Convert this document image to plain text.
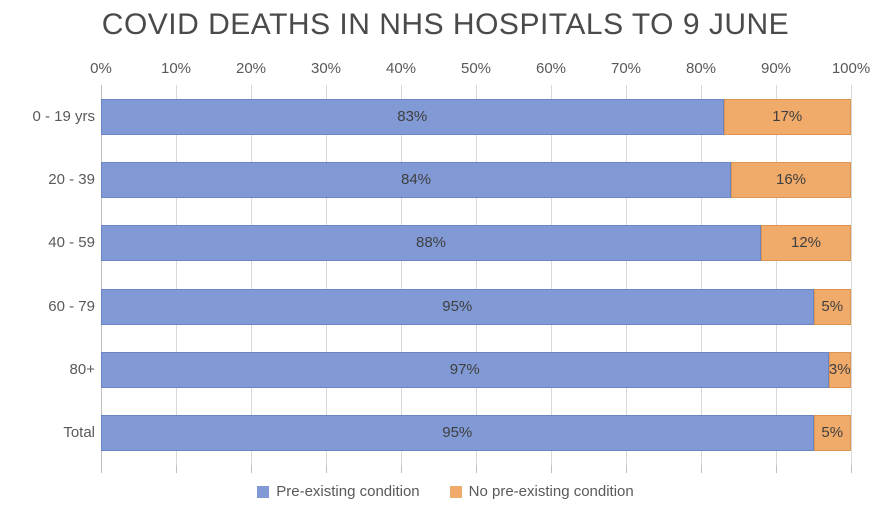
COVID DEATHS IN NHS HOSPITALS TO 9 JUNE
0%	10%	20%	30%	40%	50%	60%	70%	80%	90%	100%
83%	17%
0 - 19 yrs
84%	16%
20 - 39
88%	12%
40 - 59
95%	5%
60 - 79
97%	3%
80+
95%	5%
Total
Pre-existing condition	No pre-existing condition
